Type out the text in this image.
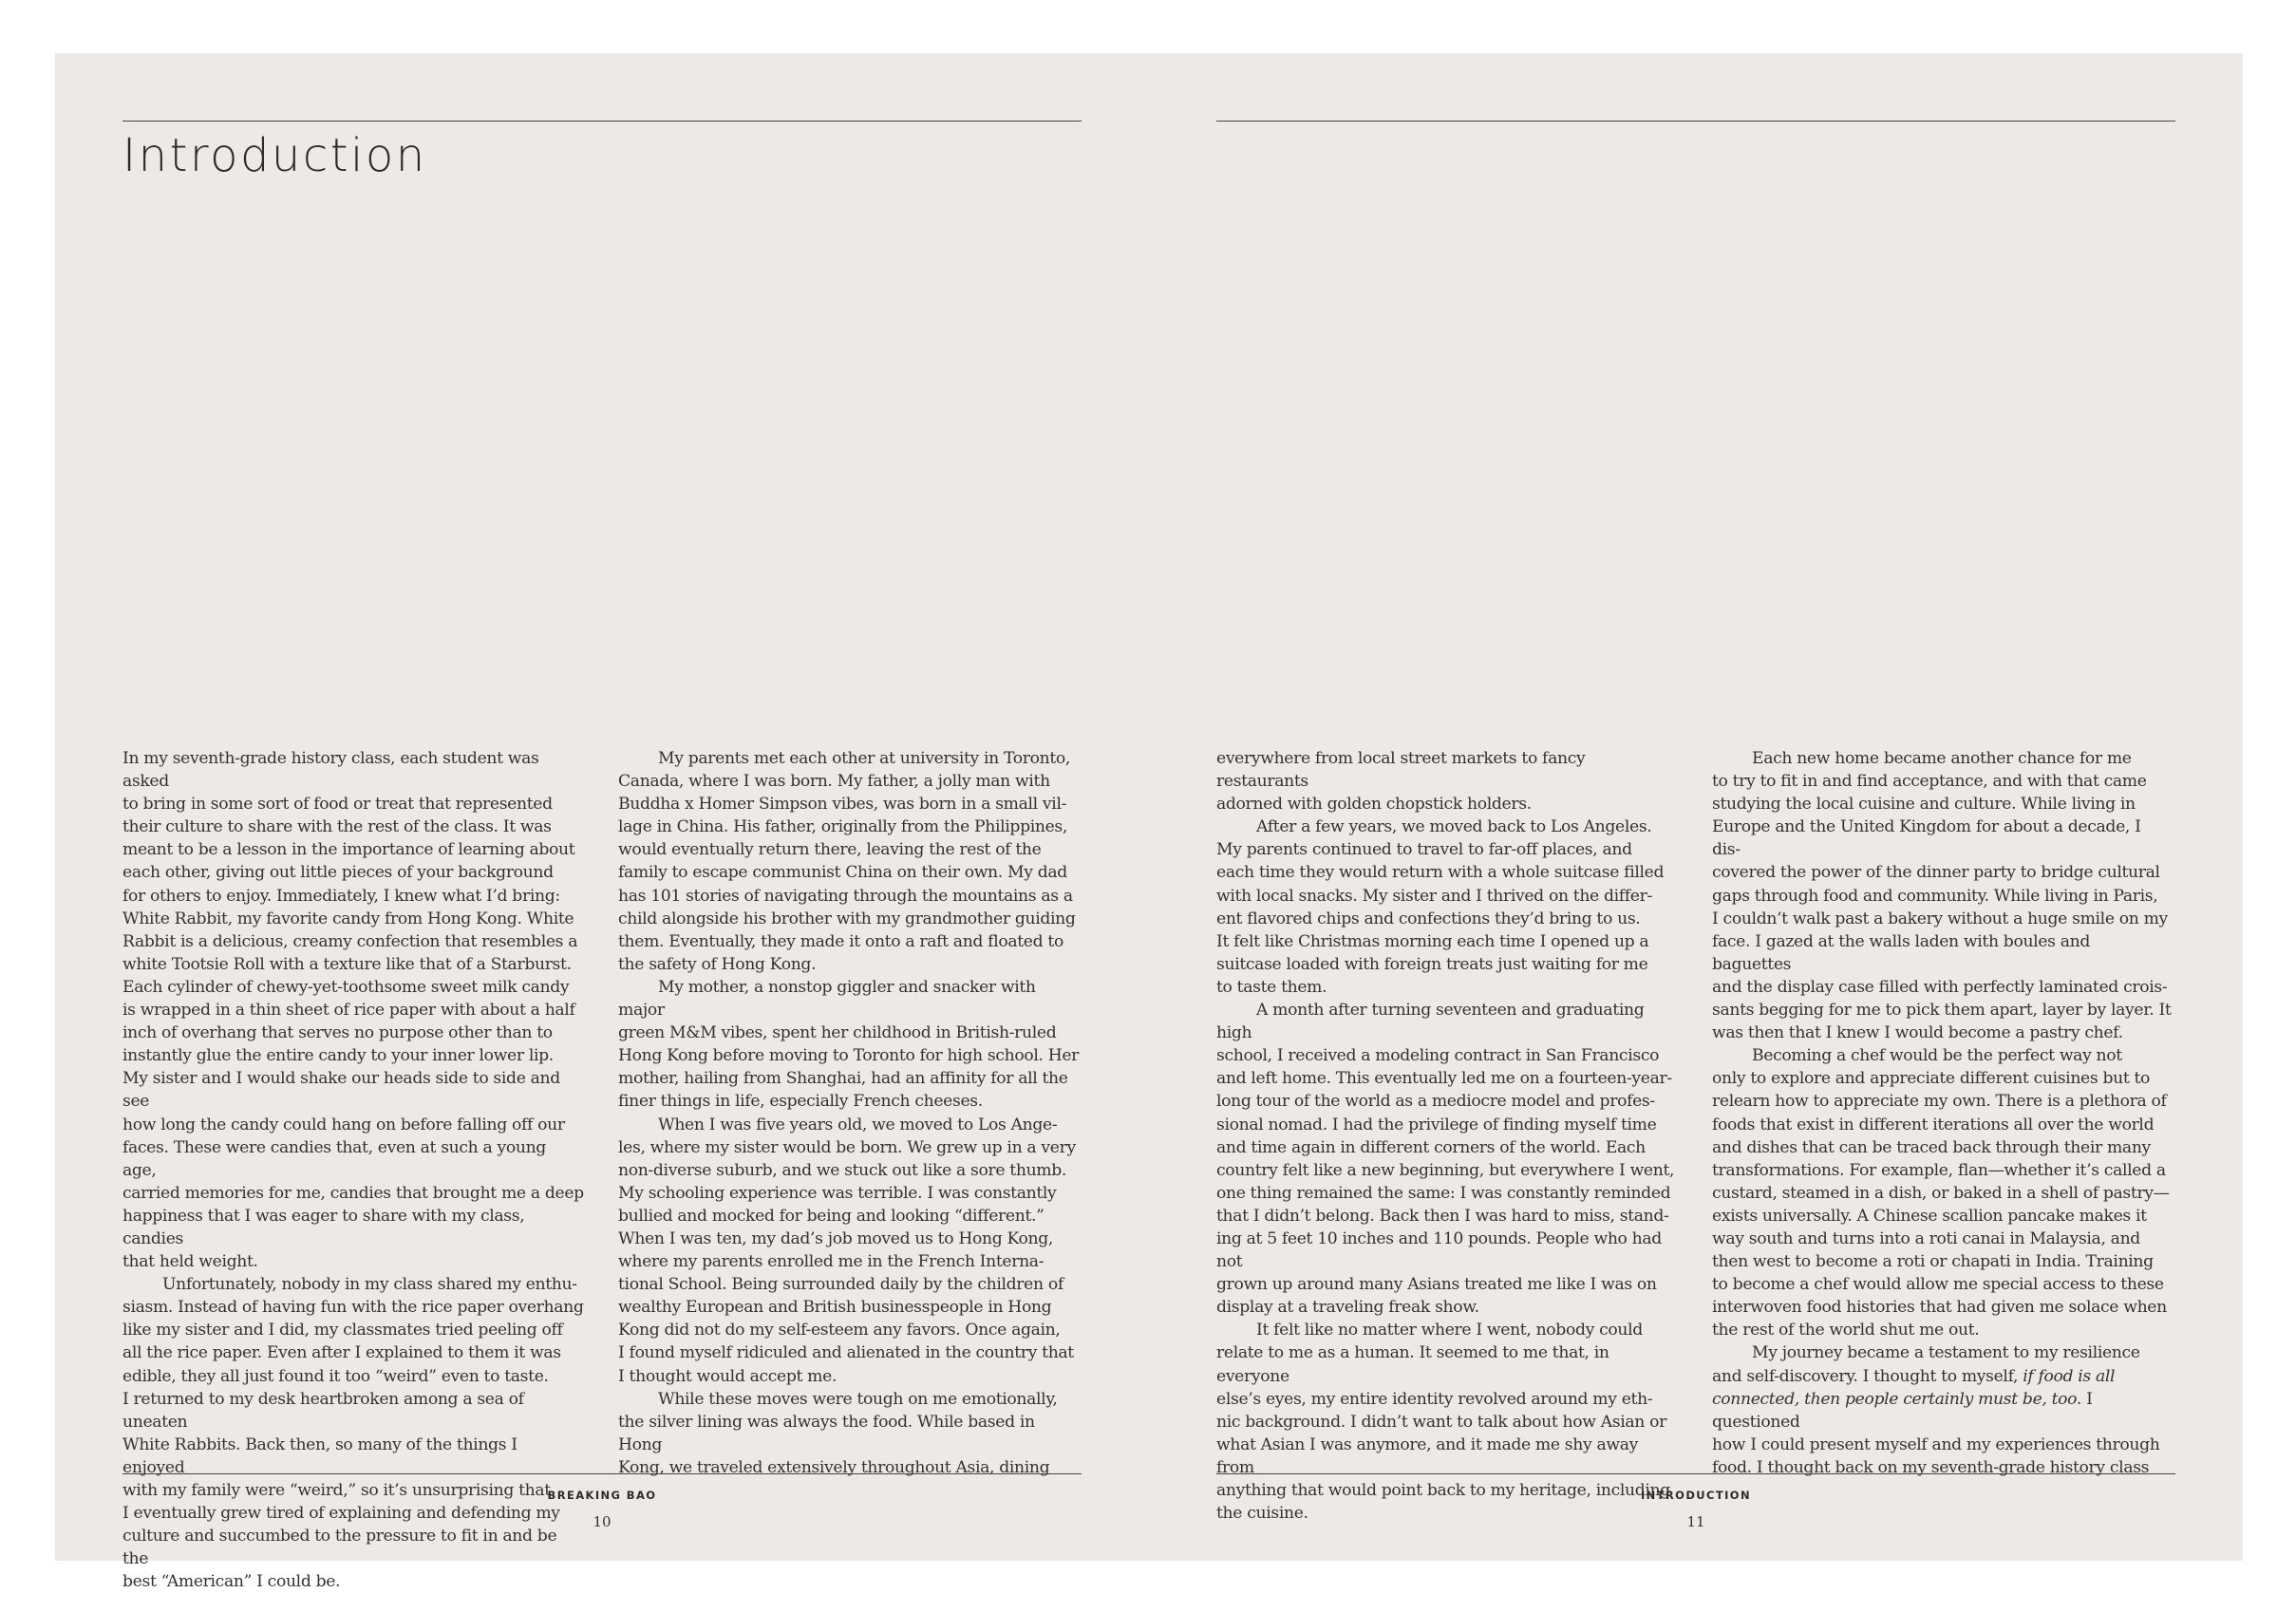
Introduction

In my seventh-grade history class, each student was asked
to bring in some sort of food or treat that represented
their culture to share with the rest of the class. It was
meant to be a lesson in the importance of learning about
each other, giving out little pieces of your background
for others to enjoy. Immediately, I knew what I’d bring:
White Rabbit, my favorite candy from Hong Kong. White
Rabbit is a delicious, creamy confection that resembles a
white Tootsie Roll with a texture like that of a Starburst.
Each cylinder of chewy-yet-toothsome sweet milk candy
is wrapped in a thin sheet of rice paper with about a half
inch of overhang that serves no purpose other than to
instantly glue the entire candy to your inner lower lip.
My sister and I would shake our heads side to side and see
how long the candy could hang on before falling off our
faces. These were candies that, even at such a young age,
carried memories for me, candies that brought me a deep
happiness that I was eager to share with my class, candies
that held weight.

Unfortunately, nobody in my class shared my enthu-
siasm. Instead of having fun with the rice paper overhang
like my sister and I did, my classmates tried peeling off
all the rice paper. Even after I explained to them it was
edible, they all just found it too “weird” even to taste.
I returned to my desk heartbroken among a sea of uneaten
White Rabbits. Back then, so many of the things I enjoyed
with my family were “weird,” so it’s unsurprising that
I eventually grew tired of explaining and defending my
culture and succumbed to the pressure to fit in and be the
best “American” I could be.

My parents met each other at university in Toronto,
Canada, where I was born. My father, a jolly man with
Buddha x Homer Simpson vibes, was born in a small vil-
lage in China. His father, originally from the Philippines,
would eventually return there, leaving the rest of the
family to escape communist China on their own. My dad
has 101 stories of navigating through the mountains as a
child alongside his brother with my grandmother guiding
them. Eventually, they made it onto a raft and floated to
the safety of Hong Kong.

My mother, a nonstop giggler and snacker with major
green M&M vibes, spent her childhood in British-ruled
Hong Kong before moving to Toronto for high school. Her
mother, hailing from Shanghai, had an affinity for all the
finer things in life, especially French cheeses.

When I was five years old, we moved to Los Ange-
les, where my sister would be born. We grew up in a very
non-diverse suburb, and we stuck out like a sore thumb.
My schooling experience was terrible. I was constantly
bullied and mocked for being and looking “different.”
When I was ten, my dad’s job moved us to Hong Kong,
where my parents enrolled me in the French Interna-
tional School. Being surrounded daily by the children of
wealthy European and British businesspeople in Hong
Kong did not do my self-esteem any favors. Once again,
I found myself ridiculed and alienated in the country that
I thought would accept me.

While these moves were tough on me emotionally,
the silver lining was always the food. While based in Hong
Kong, we traveled extensively throughout Asia, dining

BREAKING BAO
10

everywhere from local street markets to fancy restaurants
adorned with golden chopstick holders.

After a few years, we moved back to Los Angeles.
My parents continued to travel to far-off places, and
each time they would return with a whole suitcase filled
with local snacks. My sister and I thrived on the differ-
ent flavored chips and confections they’d bring to us.
It felt like Christmas morning each time I opened up a
suitcase loaded with foreign treats just waiting for me
to taste them.

A month after turning seventeen and graduating high
school, I received a modeling contract in San Francisco
and left home. This eventually led me on a fourteen-year-
long tour of the world as a mediocre model and profes-
sional nomad. I had the privilege of finding myself time
and time again in different corners of the world. Each
country felt like a new beginning, but everywhere I went,
one thing remained the same: I was constantly reminded
that I didn’t belong. Back then I was hard to miss, stand-
ing at 5 feet 10 inches and 110 pounds. People who had not
grown up around many Asians treated me like I was on
display at a traveling freak show.

It felt like no matter where I went, nobody could
relate to me as a human. It seemed to me that, in everyone
else’s eyes, my entire identity revolved around my eth-
nic background. I didn’t want to talk about how Asian or
what Asian I was anymore, and it made me shy away from
anything that would point back to my heritage, including
the cuisine.

Each new home became another chance for me
to try to fit in and find acceptance, and with that came
studying the local cuisine and culture. While living in
Europe and the United Kingdom for about a decade, I dis-
covered the power of the dinner party to bridge cultural
gaps through food and community. While living in Paris,
I couldn’t walk past a bakery without a huge smile on my
face. I gazed at the walls laden with boules and baguettes
and the display case filled with perfectly laminated crois-
sants begging for me to pick them apart, layer by layer. It
was then that I knew I would become a pastry chef.

Becoming a chef would be the perfect way not
only to explore and appreciate different cuisines but to
relearn how to appreciate my own. There is a plethora of
foods that exist in different iterations all over the world
and dishes that can be traced back through their many
transformations. For example, flan—whether it’s called a
custard, steamed in a dish, or baked in a shell of pastry—
exists universally. A Chinese scallion pancake makes it
way south and turns into a roti canai in Malaysia, and
then west to become a roti or chapati in India. Training
to become a chef would allow me special access to these
interwoven food histories that had given me solace when
the rest of the world shut me out.

My journey became a testament to my resilience
and self-discovery. I thought to myself, if food is all
connected, then people certainly must be, too. I questioned
how I could present myself and my experiences through
food. I thought back on my seventh-grade history class

INTRODUCTION
11
